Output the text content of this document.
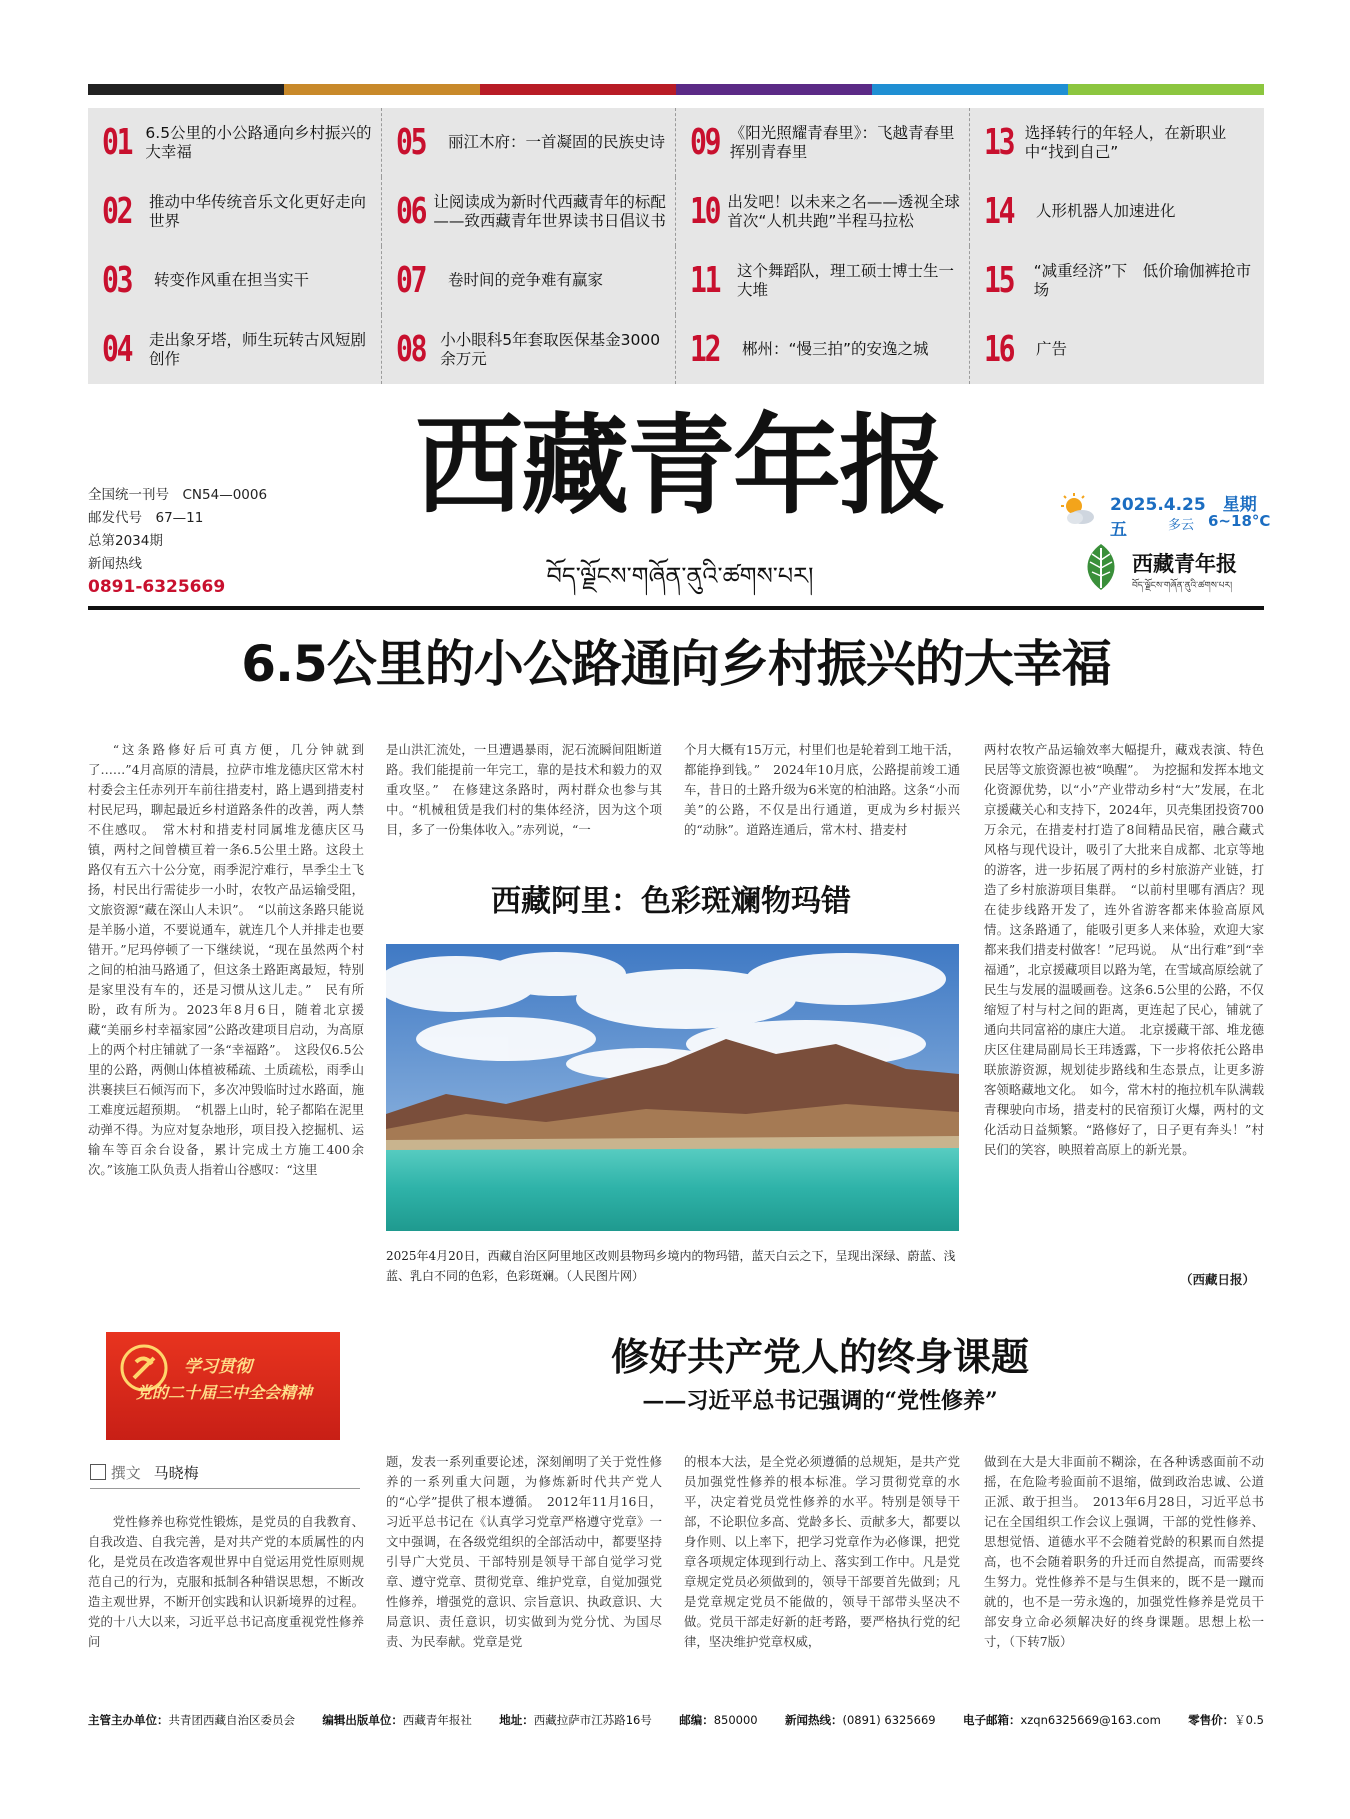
01 6.5公里的小公路通向乡村振兴的大幸福	05	丽江木府：一首凝固的民族史诗 09 《阳光照耀青春里》：飞越青春里挥别青春里	13 选择转行的年轻人，在新职业中“找到自己”
02	推动中华传统音乐文化更好走向世界	06 让阅读成为新时代西藏青年的标配——致西藏青年世界读书日倡议书 10 出发吧！以未来之名——透视全球首次“人机共跑”半程马拉松	14	人形机器人加速进化
03	转变作风重在担当实干 07	卷时间的竞争难有赢家 11	这个舞蹈队，理工硕士博士生一大堆	15	“减重经济”下　低价瑜伽裤抢市场
04	走出象牙塔，师生玩转古风短剧创作	08 小小眼科5年套取医保基金3000余万元	12	郴州：“慢三拍”的安逸之城 16	广告
全国统一刊号　CN54—0006
邮发代号　67—11
总第2034期
新闻热线
0891-6325669
西藏青年报
བོད་ལྗོངས་གཞོན་ནུའི་ཚགས་པར།
2025.4.25　星期五	多云 6~18°C
西藏青年报
བོད་ལྗོངས་གཞོན་ནུའི་ཚགས་པར།
6.5公里的小公路通向乡村振兴的大幸福

“这条路修好后可真方便，几分钟就到了……”4月高原的清晨，拉萨市堆龙德庆区常木村村委会主任赤列开车前往措麦村，路上遇到措麦村村民尼玛，聊起最近乡村道路条件的改善，两人禁不住感叹。　常木村和措麦村同属堆龙德庆区马镇，两村之间曾横亘着一条6.5公里土路。这段土路仅有五六十公分宽，雨季泥泞难行，旱季尘土飞扬，村民出行需徒步一小时，农牧产品运输受阻，文旅资源“藏在深山人未识”。　“以前这条路只能说是羊肠小道，不要说通车，就连几个人并排走也要错开。”尼玛停顿了一下继续说，“现在虽然两个村之间的柏油马路通了，但这条土路距离最短，特别是家里没有车的，还是习惯从这儿走。”　民有所盼，政有所为。2023年8月6日，随着北京援藏“美丽乡村幸福家园”公路改建项目启动，为高原上的两个村庄铺就了一条“幸福路”。　这段仅6.5公里的公路，两侧山体植被稀疏、土质疏松，雨季山洪裹挟巨石倾泻而下，多次冲毁临时过水路面，施工难度远超预期。　“机器上山时，轮子都陷在泥里动弹不得。为应对复杂地形，项目投入挖掘机、运输车等百余台设备，累计完成土方施工400余次。”该施工队负责人指着山谷感叹：“这里

是山洪汇流处，一旦遭遇暴雨，泥石流瞬间阻断道路。我们能提前一年完工，靠的是技术和毅力的双重攻坚。”　在修建这条路时，两村群众也参与其中。“机械租赁是我们村的集体经济，因为这个项目，多了一份集体收入。”赤列说，“一

个月大概有15万元，村里们也是轮着到工地干活，都能挣到钱。”　2024年10月底，公路提前竣工通车，昔日的土路升级为6米宽的柏油路。这条“小而美”的公路，不仅是出行通道，更成为乡村振兴的“动脉”。道路连通后，常木村、措麦村

两村农牧产品运输效率大幅提升，藏戏表演、特色民居等文旅资源也被“唤醒”。　为挖掘和发挥本地文化资源优势，以“小”产业带动乡村“大”发展，在北京援藏关心和支持下，2024年，贝壳集团投资700万余元，在措麦村打造了8间精品民宿，融合藏式风格与现代设计，吸引了大批来自成都、北京等地的游客，进一步拓展了两村的乡村旅游产业链，打造了乡村旅游项目集群。　“以前村里哪有酒店？现在徒步线路开发了，连外省游客都来体验高原风情。这条路通了，能吸引更多人来体验，欢迎大家都来我们措麦村做客！”尼玛说。　从“出行难”到“幸福通”，北京援藏项目以路为笔，在雪域高原绘就了民生与发展的温暖画卷。这条6.5公里的公路，不仅缩短了村与村之间的距离，更连起了民心，铺就了通向共同富裕的康庄大道。　北京援藏干部、堆龙德庆区住建局副局长王玮透露，下一步将依托公路串联旅游资源，规划徒步路线和生态景点，让更多游客领略藏地文化。　如今，常木村的拖拉机车队满载青稞驶向市场，措麦村的民宿预订火爆，两村的文化活动日益频繁。“路修好了，日子更有奔头！”村民们的笑容，映照着高原上的新光景。

（西藏日报）
西藏阿里：色彩斑斓物玛错
2025年4月20日，西藏自治区阿里地区改则县物玛乡境内的物玛错，蓝天白云之下，呈现出深绿、蔚蓝、浅蓝、乳白不同的色彩，色彩斑斓。（人民图片网）
学习贯彻
党的二十届三中全会精神
修好共产党人的终身课题
——习近平总书记强调的“党性修养”
撰文 马晓梅

党性修养也称党性锻炼，是党员的自我教育、自我改造、自我完善，是对共产党的本质属性的内化，是党员在改造客观世界中自觉运用党性原则规范自己的行为，克服和抵制各种错误思想，不断改造主观世界，不断开创实践和认识新境界的过程。党的十八大以来，习近平总书记高度重视党性修养问

题，发表一系列重要论述，深刻阐明了关于党性修养的一系列重大问题，为修炼新时代共产党人的“心学”提供了根本遵循。　2012年11月16日，习近平总书记在《认真学习党章严格遵守党章》一文中强调，在各级党组织的全部活动中，都要坚持引导广大党员、干部特别是领导干部自觉学习党章、遵守党章、贯彻党章、维护党章，自觉加强党性修养，增强党的意识、宗旨意识、执政意识、大局意识、责任意识，切实做到为党分忧、为国尽责、为民奉献。党章是党

的根本大法，是全党必须遵循的总规矩，是共产党员加强党性修养的根本标准。学习贯彻党章的水平，决定着党员党性修养的水平。特别是领导干部，不论职位多高、党龄多长、贡献多大，都要以身作则、以上率下，把学习党章作为必修课，把党章各项规定体现到行动上、落实到工作中。凡是党章规定党员必须做到的，领导干部要首先做到；凡是党章规定党员不能做的，领导干部带头坚决不做。党员干部走好新的赶考路，要严格执行党的纪律，坚决维护党章权威，

做到在大是大非面前不糊涂，在各种诱惑面前不动摇，在危险考验面前不退缩，做到政治忠诚、公道正派、敢于担当。　2013年6月28日，习近平总书记在全国组织工作会议上强调，干部的党性修养、思想觉悟、道德水平不会随着党龄的积累而自然提高，也不会随着职务的升迁而自然提高，而需要终生努力。党性修养不是与生俱来的，既不是一蹴而就的，也不是一劳永逸的，加强党性修养是党员干部安身立命必须解决好的终身课题。思想上松一寸，（下转7版）

主管主办单位：共青团西藏自治区委员会 编辑出版单位：西藏青年报社 地址：西藏拉萨市江苏路16号 邮编：850000 新闻热线：(0891) 6325669 电子邮箱：xzqn6325669@163.com 零售价：￥0.5
